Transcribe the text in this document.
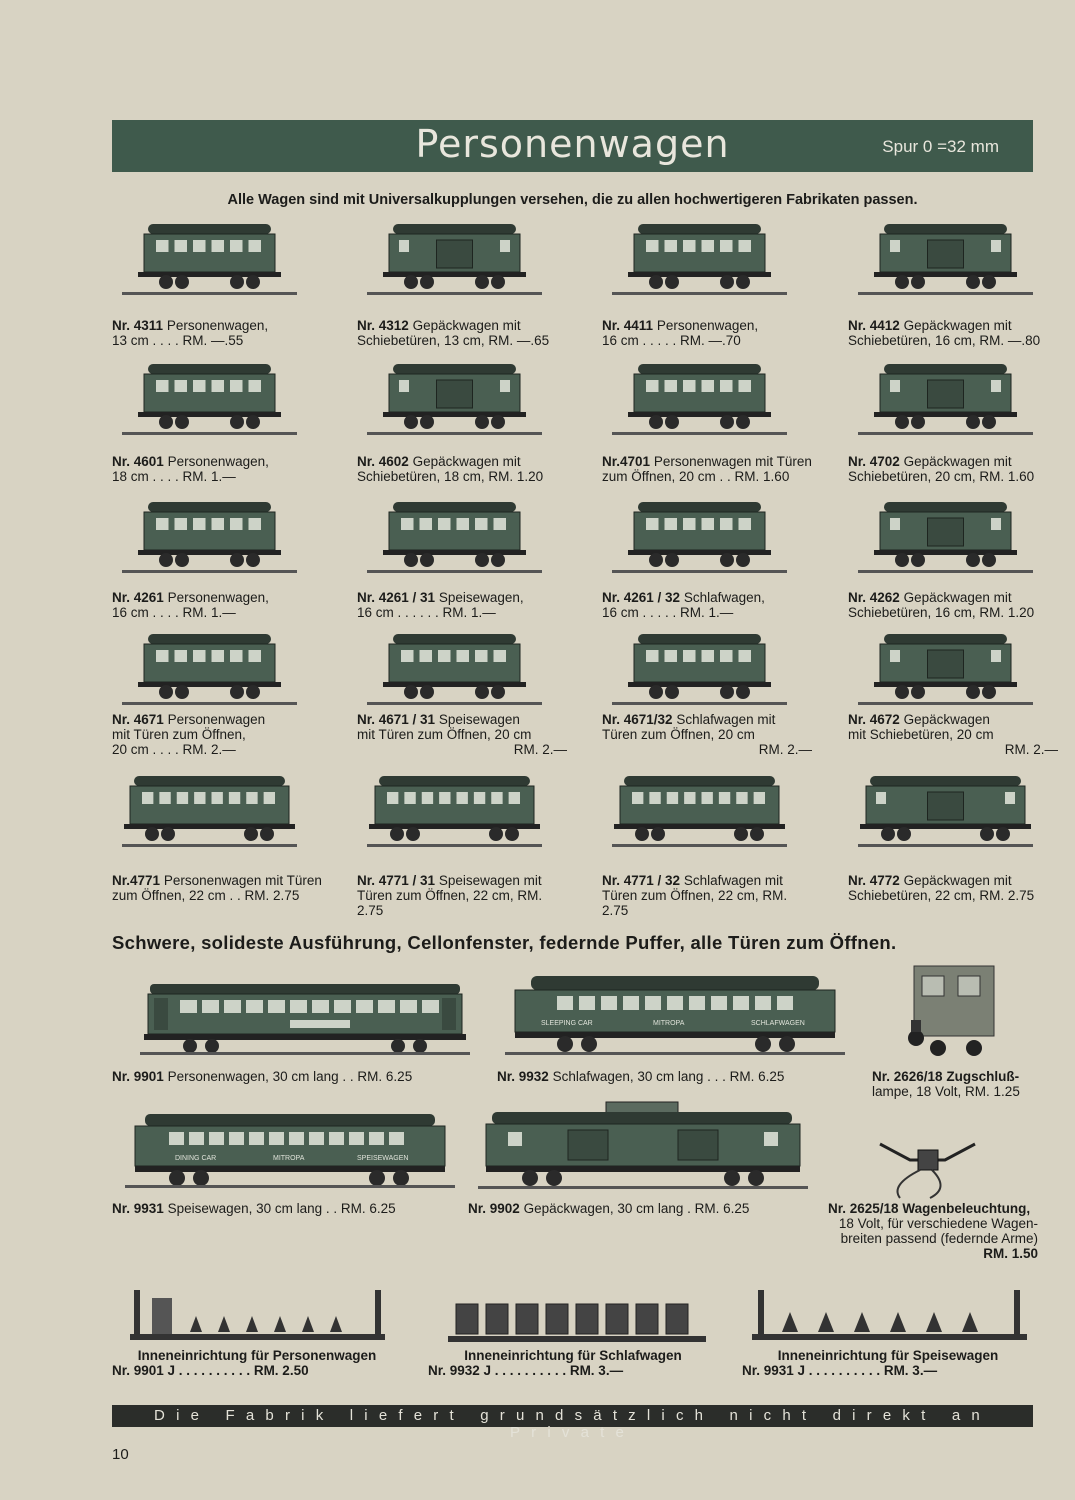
Personenwagen	Spur 0 =32 mm
Alle Wagen sind mit Universalkupplungen versehen, die zu allen hochwertigeren Fabrikaten passen.
Nr. 4311 Personenwagen,
13 cm . . . . RM. —.55
Nr. 4312 Gepäckwagen mit
Schiebetüren, 13 cm, RM. —.65
Nr. 4411 Personenwagen,
16 cm . . . . . RM. —.70
Nr. 4412 Gepäckwagen mit
Schiebetüren, 16 cm, RM. —.80
Nr. 4601 Personenwagen,
18 cm . . . . RM. 1.—
Nr. 4602 Gepäckwagen mit
Schiebetüren, 18 cm, RM. 1.20
Nr.4701 Personenwagen mit Türen
zum Öffnen, 20 cm . . RM. 1.60
Nr. 4702 Gepäckwagen mit
Schiebetüren, 20 cm, RM. 1.60
Nr. 4261 Personenwagen,
16 cm . . . . RM. 1.—
Nr. 4261 / 31 Speisewagen,
16 cm . . . . . . RM. 1.—
Nr. 4261 / 32 Schlafwagen,
16 cm . . . . . RM. 1.—
Nr. 4262 Gepäckwagen mit
Schiebetüren, 16 cm, RM. 1.20
Nr. 4671 Personenwagen
mit Türen zum Öffnen,
20 cm . . . . RM. 2.—
Nr. 4671 / 31 Speisewagen
mit Türen zum Öffnen, 20 cm
RM. 2.—
Nr. 4671/32 Schlafwagen mit
Türen zum Öffnen, 20 cm
RM. 2.—
Nr. 4672 Gepäckwagen
mit Schiebetüren, 20 cm
RM. 2.—
Nr.4771 Personenwagen mit Türen
zum Öffnen, 22 cm . . RM. 2.75
Nr. 4771 / 31 Speisewagen mit
Türen zum Öffnen, 22 cm, RM. 2.75
Nr. 4771 / 32 Schlafwagen mit
Türen zum Öffnen, 22 cm, RM. 2.75
Nr. 4772 Gepäckwagen mit
Schiebetüren, 22 cm, RM. 2.75
Schwere, solideste Ausführung, Cellonfenster, federnde Puffer, alle Türen zum Öffnen.
SLEEPING CAR	MITROPA	SCHLAFWAGEN
DINING CAR	MITROPA	SPEISEWAGEN
Nr. 9901 Personenwagen, 30 cm lang . . RM. 6.25	Nr. 9932 Schlafwagen, 30 cm lang . . . RM. 6.25	Nr. 2626/18 Zugschluß-
lampe, 18 Volt, RM. 1.25
Nr. 9931 Speisewagen, 30 cm lang . . RM. 6.25	Nr. 9902 Gepäckwagen, 30 cm lang . RM. 6.25	Nr. 2625/18 Wagenbeleuchtung,
18 Volt, für verschiedene Wagen-
breiten passend (federnde Arme)
RM. 1.50
Inneneinrichtung für Personenwagen
Nr. 9901 J . . . . . . . . . . RM. 2.50
Inneneinrichtung für Schlafwagen
Nr. 9932 J . . . . . . . . . . RM. 3.—
Inneneinrichtung für Speisewagen
Nr. 9931 J . . . . . . . . . . RM. 3.—
Die Fabrik liefert grundsätzlich nicht direkt an Private
10
